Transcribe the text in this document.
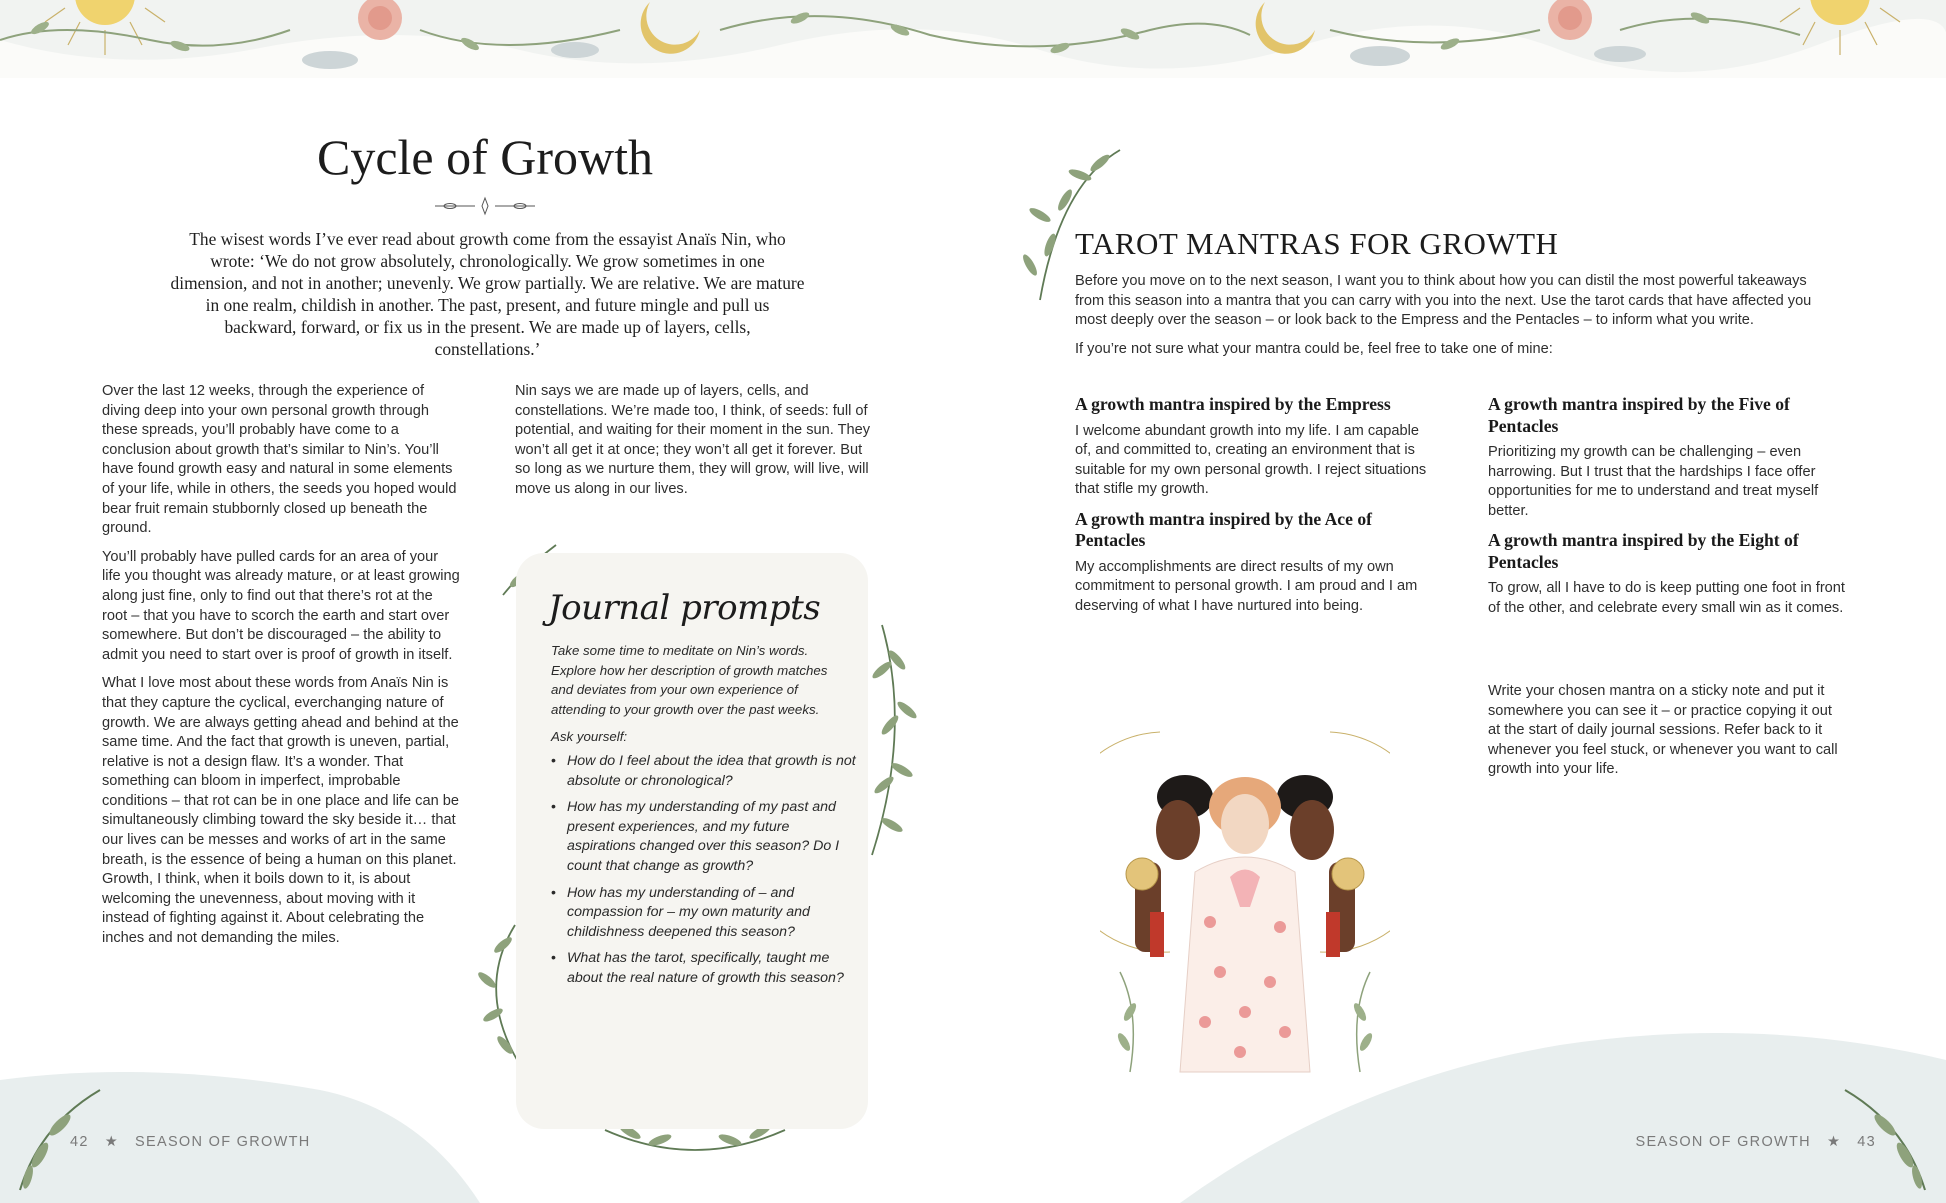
Cycle of Growth

The wisest words I’ve ever read about growth come from the essayist Anaïs Nin, who wrote: ‘We do not grow absolutely, chronologically. We grow sometimes in one dimension, and not in another; unevenly. We grow partially. We are relative. We are mature in one realm, childish in another. The past, present, and future mingle and pull us backward, forward, or fix us in the present. We are made up of layers, cells, constellations.’

Over the last 12 weeks, through the experience of diving deep into your own personal growth through these spreads, you’ll probably have come to a conclusion about growth that’s similar to Nin’s. You’ll have found growth easy and natural in some elements of your life, while in others, the seeds you hoped would bear fruit remain stubbornly closed up beneath the ground.

You’ll probably have pulled cards for an area of your life you thought was already mature, or at least growing along just fine, only to find out that there’s rot at the root – that you have to scorch the earth and start over somewhere. But don’t be discouraged – the ability to admit you need to start over is proof of growth in itself.

What I love most about these words from Anaïs Nin is that they capture the cyclical, everchanging nature of growth. We are always getting ahead and behind at the same time. And the fact that growth is uneven, partial, relative is not a design flaw. It’s a wonder. That something can bloom in imperfect, improbable conditions – that rot can be in one place and life can be simultaneously climbing toward the sky beside it… that our lives can be messes and works of art in the same breath, is the essence of being a human on this planet. Growth, I think, when it boils down to it, is about welcoming the unevenness, about moving with it instead of fighting against it. About celebrating the inches and not demanding the miles.

Nin says we are made up of layers, cells, and constellations. We’re made too, I think, of seeds: full of potential, and waiting for their moment in the sun. They won’t all get it at once; they won’t all get it forever. But so long as we nurture them, they will grow, will live, will move us along in our lives.

Journal prompts

Take some time to meditate on Nin’s words. Explore how her description of growth matches and deviates from your own experience of attending to your growth over the past weeks.

Ask yourself:

• How do I feel about the idea that growth is not absolute or chronological?
• How has my understanding of my past and present experiences, and my future aspirations changed over this season? Do I count that change as growth?
• How has my understanding of – and compassion for – my own maturity and childishness deepened this season?
• What has the tarot, specifically, taught me about the real nature of growth this season?
42 ★ SEASON OF GROWTH
TAROT MANTRAS FOR GROWTH

Before you move on to the next season, I want you to think about how you can distil the most powerful takeaways from this season into a mantra that you can carry with you into the next. Use the tarot cards that have affected you most deeply over the season – or look back to the Empress and the Pentacles – to inform what you write.

If you’re not sure what your mantra could be, feel free to take one of mine:

A growth mantra inspired by the Empress

I welcome abundant growth into my life. I am capable of, and committed to, creating an environment that is suitable for my own personal growth. I reject situations that stifle my growth.

A growth mantra inspired by the Ace of Pentacles

My accomplishments are direct results of my own commitment to personal growth. I am proud and I am deserving of what I have nurtured into being.

A growth mantra inspired by the Five of Pentacles

Prioritizing my growth can be challenging – even harrowing. But I trust that the hardships I face offer opportunities for me to understand and treat myself better.

A growth mantra inspired by the Eight of Pentacles

To grow, all I have to do is keep putting one foot in front of the other, and celebrate every small win as it comes.

Write your chosen mantra on a sticky note and put it somewhere you can see it – or practice copying it out at the start of daily journal sessions. Refer back to it whenever you feel stuck, or whenever you want to call growth into your life.

SEASON OF GROWTH ★ 43
